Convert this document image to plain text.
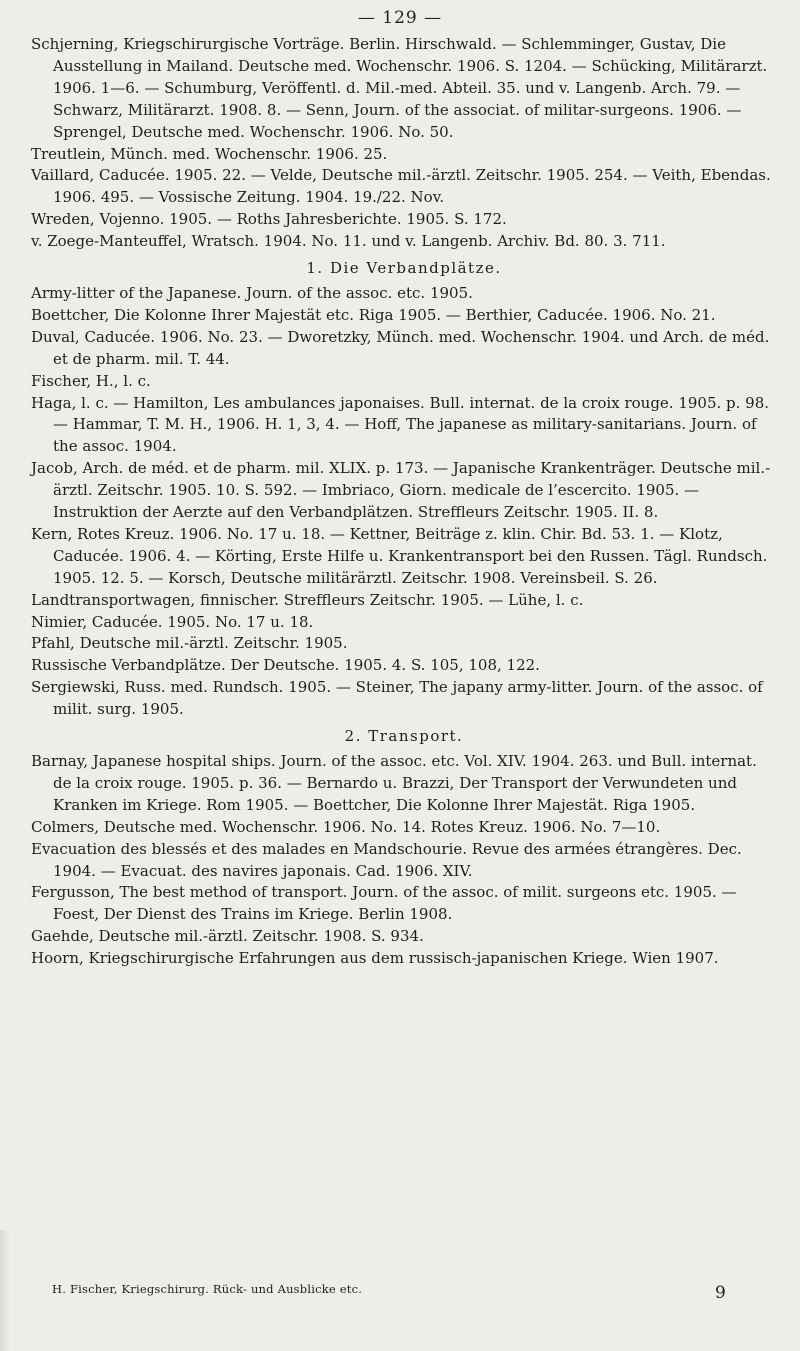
— 129 —

Schjerning, Kriegschirurgische Vorträge. Berlin. Hirschwald. — Schlemminger, Gustav, Die Ausstellung in Mailand. Deutsche med. Wochenschr. 1906. S. 1204. — Schücking, Militärarzt. 1906. 1—6. — Schumburg, Veröffentl. d. Mil.-med. Abteil. 35. und v. Langenb. Arch. 79. — Schwarz, Militärarzt. 1908. 8. — Senn, Journ. of the associat. of militar-surgeons. 1906. — Sprengel, Deutsche med. Wochenschr. 1906. No. 50.

Treutlein, Münch. med. Wochenschr. 1906. 25.

Vaillard, Caducée. 1905. 22. — Velde, Deutsche mil.-ärztl. Zeitschr. 1905. 254. — Veith, Ebendas. 1906. 495. — Vossische Zeitung. 1904. 19./22. Nov.

Wreden, Vojenno. 1905. — Roths Jahresberichte. 1905. S. 172.

v. Zoege-Manteuffel, Wratsch. 1904. No. 11. und v. Langenb. Archiv. Bd. 80. 3. 711.

1. Die Verbandplätze.

Army-litter of the Japanese. Journ. of the assoc. etc. 1905.

Boettcher, Die Kolonne Ihrer Majestät etc. Riga 1905. — Berthier, Caducée. 1906. No. 21.

Duval, Caducée. 1906. No. 23. — Dworetzky, Münch. med. Wochenschr. 1904. und Arch. de méd. et de pharm. mil. T. 44.

Fischer, H., l. c.

Haga, l. c. — Hamilton, Les ambulances japonaises. Bull. internat. de la croix rouge. 1905. p. 98. — Hammar, T. M. H., 1906. H. 1, 3, 4. — Hoff, The japanese as military-sanitarians. Journ. of the assoc. 1904.

Jacob, Arch. de méd. et de pharm. mil. XLIX. p. 173. — Japanische Krankenträger. Deutsche mil.-ärztl. Zeitschr. 1905. 10. S. 592. — Imbriaco, Giorn. medicale de l’escercito. 1905. — Instruktion der Aerzte auf den Verbandplätzen. Streffleurs Zeitschr. 1905. II. 8.

Kern, Rotes Kreuz. 1906. No. 17 u. 18. — Kettner, Beiträge z. klin. Chir. Bd. 53. 1. — Klotz, Caducée. 1906. 4. — Körting, Erste Hilfe u. Krankentransport bei den Russen. Tägl. Rundsch. 1905. 12. 5. — Korsch, Deutsche militärärztl. Zeitschr. 1908. Vereinsbeil. S. 26.

Landtransportwagen, finnischer. Streffleurs Zeitschr. 1905. — Lühe, l. c.

Nimier, Caducée. 1905. No. 17 u. 18.

Pfahl, Deutsche mil.-ärztl. Zeitschr. 1905.

Russische Verbandplätze. Der Deutsche. 1905. 4. S. 105, 108, 122.

Sergiewski, Russ. med. Rundsch. 1905. — Steiner, The japany army-litter. Journ. of the assoc. of milit. surg. 1905.

2. Transport.

Barnay, Japanese hospital ships. Journ. of the assoc. etc. Vol. XIV. 1904. 263. und Bull. internat. de la croix rouge. 1905. p. 36. — Bernardo u. Brazzi, Der Transport der Verwundeten und Kranken im Kriege. Rom 1905. — Boettcher, Die Kolonne Ihrer Majestät. Riga 1905.

Colmers, Deutsche med. Wochenschr. 1906. No. 14. Rotes Kreuz. 1906. No. 7—10.

Evacuation des blessés et des malades en Mandschourie. Revue des armées étrangères. Dec. 1904. — Evacuat. des navires japonais. Cad. 1906. XIV.

Fergusson, The best method of transport. Journ. of the assoc. of milit. surgeons etc. 1905. — Foest, Der Dienst des Trains im Kriege. Berlin 1908.

Gaehde, Deutsche mil.-ärztl. Zeitschr. 1908. S. 934.

Hoorn, Kriegschirurgische Erfahrungen aus dem russisch-japanischen Kriege. Wien 1907.

H. Fischer, Kriegschirurg. Rück- und Ausblicke etc.	9
